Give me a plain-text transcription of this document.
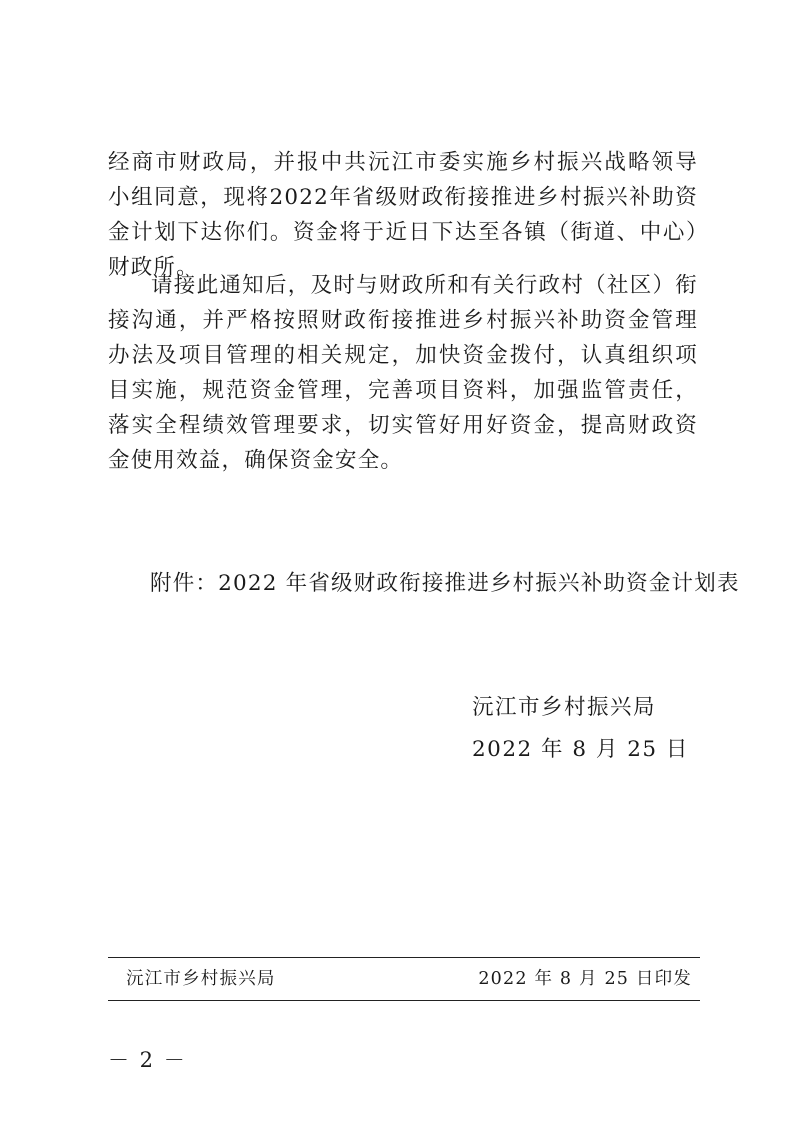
经商市财政局，并报中共沅江市委实施乡村振兴战略领导小组同意，现将2022年省级财政衔接推进乡村振兴补助资金计划下达你们。资金将于近日下达至各镇（街道、中心）财政所。

请接此通知后，及时与财政所和有关行政村（社区）衔接沟通，并严格按照财政衔接推进乡村振兴补助资金管理办法及项目管理的相关规定，加快资金拨付，认真组织项目实施，规范资金管理，完善项目资料，加强监管责任，落实全程绩效管理要求，切实管好用好资金，提高财政资金使用效益，确保资金安全。

附件：2022 年省级财政衔接推进乡村振兴补助资金计划表
沅江市乡村振兴局
2022 年 8 月 25 日
沅江市乡村振兴局	2022 年 8 月 25 日印发
－ 2 －
